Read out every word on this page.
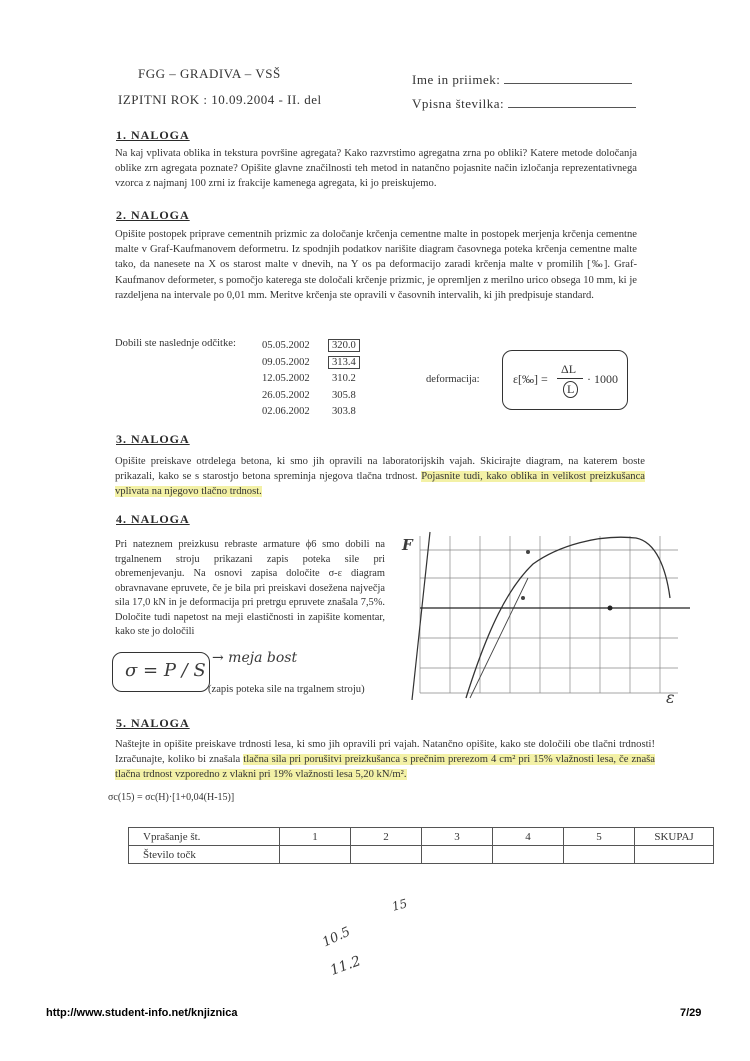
FGG – GRADIVA – VSŠ
IZPITNI ROK : 10.09.2004 - II. del
Ime in priimek:
Vpisna številka:
1. NALOGA
Na kaj vplivata oblika in tekstura površine agregata? Kako razvrstimo agregatna zrna po obliki? Katere metode določanja oblike zrn agregata poznate? Opišite glavne značilnosti teh metod in natančno pojasnite način izločanja reprezentativnega vzorca z najmanj 100 zrni iz frakcije kamenega agregata, ki jo preiskujemo.
2. NALOGA
Opišite postopek priprave cementnih prizmic za določanje krčenja cementne malte in postopek merjenja krčenja cementne malte v Graf-Kaufmanovem deformetru. Iz spodnjih podatkov narišite diagram časovnega poteka krčenja cementne malte tako, da nanesete na X os starost malte v dnevih, na Y os pa deformacijo zaradi krčenja malte v promilih [‰]. Graf-Kaufmanov deformeter, s pomočjo katerega ste določali krčenje prizmic, je opremljen z merilno urico obsega 10 mm, ki je razdeljena na intervale po 0,01 mm. Meritve krčenja ste opravili v časovnih intervalih, ki jih predpisuje standard.
Dobili ste naslednje odčitke: 05.05.2002 320.0
09.05.2002 313.4
12.05.2002 310.2
26.05.2002 305.8
02.06.2002 303.8
deformacija:	ε[‰] =
ΔL
L
· 1000
3. NALOGA
Opišite preiskave otrdelega betona, ki smo jih opravili na laboratorijskih vajah. Skicirajte diagram, na katerem boste prikazali, kako se s starostjo betona spreminja njegova tlačna trdnost. Pojasnite tudi, kako oblika in velikost preizkušanca vplivata na njegovo tlačno trdnost.
4. NALOGA
Pri nateznem preizkusu rebraste armature ϕ6 smo dobili na trgalnenem stroju prikazani zapis poteka sile pri obremenjevanju. Na osnovi zapisa določite σ-ε diagram obravnavane epruvete, če je bila pri preiskavi dosežena največja sila 17,0 kN in je deformacija pri pretrgu epruvete znašala 7,5%. Določite tudi napetost na meji elastičnosti in zapišite komentar, kako ste jo določili
σ = P / S
→ meja bost
(zapis poteka sile na trgalnem stroju)
F
ε
5. NALOGA
Naštejte in opišite preiskave trdnosti lesa, ki smo jih opravili pri vajah. Natančno opišite, kako ste določili obe tlačni trdnosti! Izračunajte, koliko bi znašala tlačna sila pri porušitvi preizkušanca s prečnim prerezom 4 cm² pri 15% vlažnosti lesa, če znaša tlačna trdnost vzporedno z vlakni pri 19% vlažnosti lesa 5,20 kN/m².
σc(15) = σc(H)·[1+0,04(H-15)]
Vprašanje št.	1	2	3	4	5	SKUPAJ
Število točk						
10.5
15
11.2
http://www.student-info.net/knjiznica	7/29
